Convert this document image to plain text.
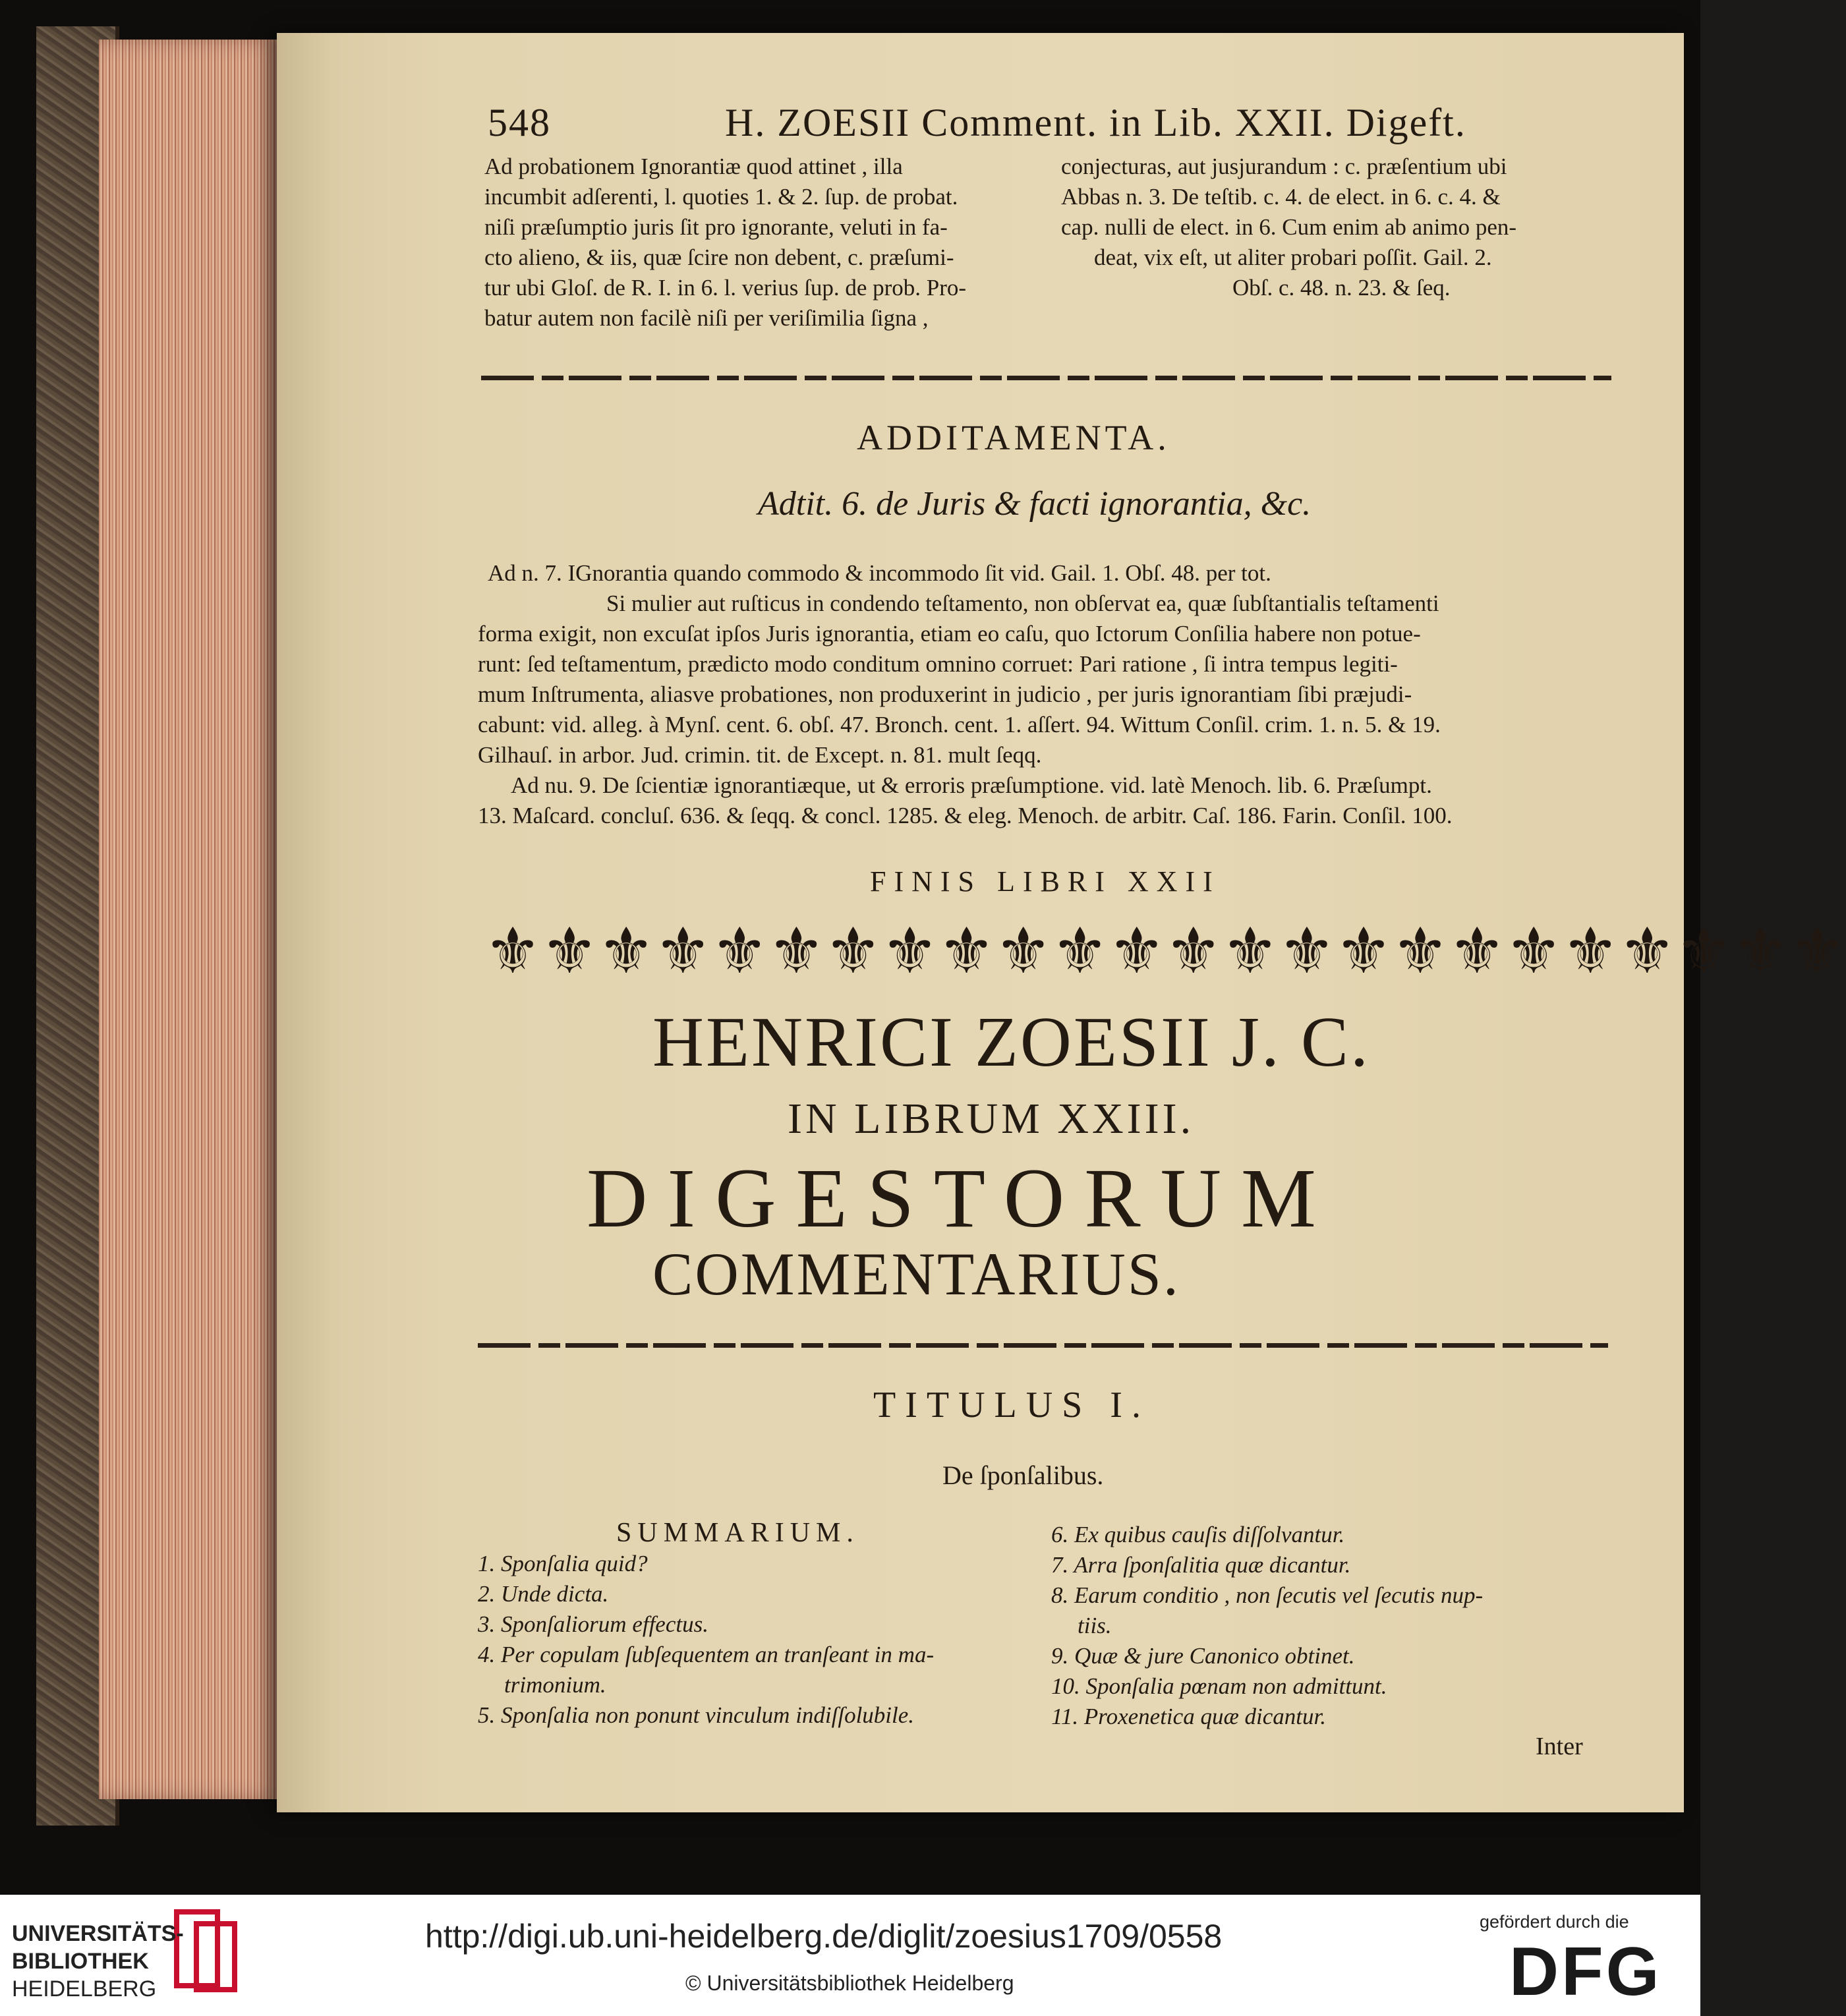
548	H. ZOESII Comment. in Lib. XXII. Digeft.
Ad probationem Ignorantiæ quod attinet , illa
incumbit adſerenti, l. quoties 1. & 2. ſup. de probat.
niſi præſumptio juris ſit pro ignorante, veluti in fa-
cto alieno, & iis, quæ ſcire non debent, c. præſumi-
tur ubi Gloſ. de R. I. in 6. l. verius ſup. de prob. Pro-
batur autem non facilè niſi per veriſimilia ſigna ,
conjecturas, aut jusjurandum : c. præſentium ubi
Abbas n. 3. De teſtib. c. 4. de elect. in 6. c. 4. &
cap. nulli de elect. in 6. Cum enim ab animo pen-
deat, vix eſt, ut aliter probari poſſit. Gail. 2.
Obſ. c. 48. n. 23. & ſeq.
ADDITAMENTA.
Adtit. 6. de Juris & facti ignorantia, &c.
Ad n. 7. IGnorantia quando commodo & incommodo ſit vid. Gail. 1. Obſ. 48. per tot.
Si mulier aut ruſticus in condendo teſtamento, non obſervat ea, quæ ſubſtantialis teſtamenti
forma exigit, non excuſat ipſos Juris ignorantia, etiam eo caſu, quo Ictorum Conſilia habere non potue-
runt: ſed teſtamentum, prædicto modo conditum omnino corruet: Pari ratione , ſi intra tempus legiti-
mum Inſtrumenta, aliasve probationes, non produxerint in judicio , per juris ignorantiam ſibi præjudi-
cabunt: vid. alleg. à Mynſ. cent. 6. obſ. 47. Bronch. cent. 1. aſſert. 94. Wittum Conſil. crim. 1. n. 5. & 19.
Gilhauſ. in arbor. Jud. crimin. tit. de Except. n. 81. mult ſeqq.
Ad nu. 9. De ſcientiæ ignorantiæque, ut & erroris præſumptione. vid. latè Menoch. lib. 6. Præſumpt.
13. Maſcard. concluſ. 636. & ſeqq. & concl. 1285. & eleg. Menoch. de arbitr. Caſ. 186. Farin. Conſil. 100.
FINIS LIBRI XXII
HENRICI ZOESII J. C.
IN LIBRUM XXIII.
DIGESTORUM
COMMENTARIUS.
TITULUS I.
De ſponſalibus.
SUMMARIUM.
1. Sponſalia quid?
2. Unde dicta.
3. Sponſaliorum effectus.
4. Per copulam ſubſequentem an tranſeant in ma-
trimonium.
5. Sponſalia non ponunt vinculum indiſſolubile.
6. Ex quibus cauſis diſſolvantur.
7. Arra ſponſalitia quæ dicantur.
8. Earum conditio , non ſecutis vel ſecutis nup-
tiis.
9. Quæ & jure Canonico obtinet.
10. Sponſalia pœnam non admittunt.
11. Proxenetica quæ dicantur.
Inter
⚜ ⚜ ⚜ ⚜ ⚜ ⚜ ⚜ ⚜ ⚜ ⚜ ⚜ ⚜ ⚜ ⚜ ⚜ ⚜ ⚜ ⚜ ⚜ ⚜ ⚜ ⚜ ⚜ ⚜
UNIVERSITÄTS-
BIBLIOTHEK
HEIDELBERG
http://digi.ub.uni-heidelberg.de/diglit/zoesius1709/0558
© Universitätsbibliothek Heidelberg
gefördert durch die
DFG
